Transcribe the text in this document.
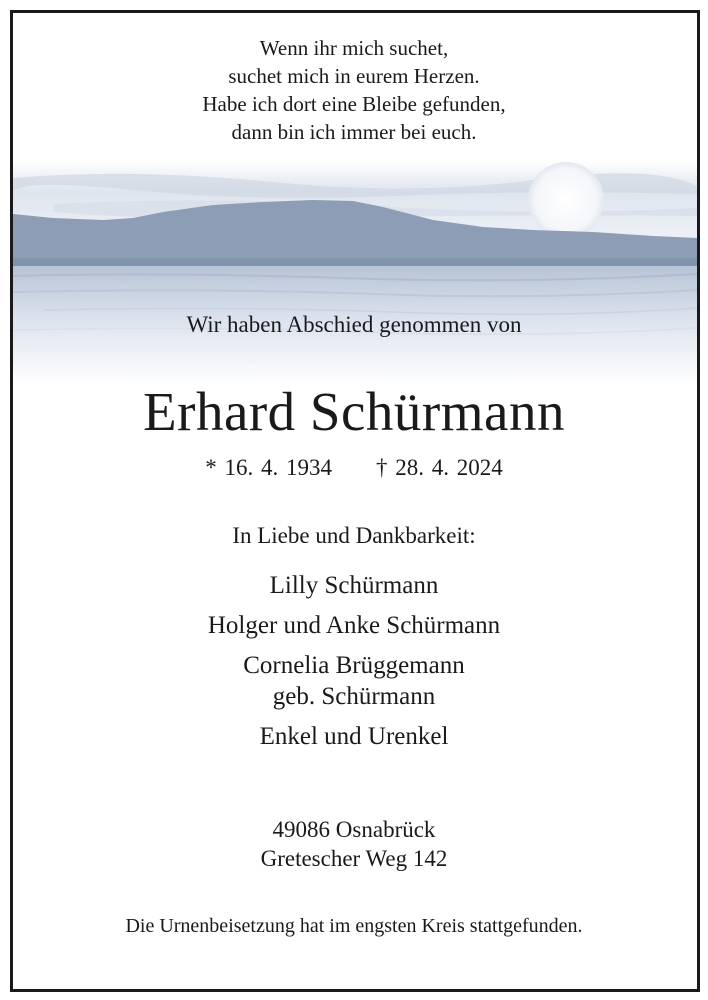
Wenn ihr mich suchet,
suchet mich in eurem Herzen.
Habe ich dort eine Bleibe gefunden,
dann bin ich immer bei euch.
Wir haben Abschied genommen von
Erhard Schürmann
* 16. 4. 1934 † 28. 4. 2024
In Liebe und Dankbarkeit:
Lilly Schürmann
Holger und Anke Schürmann
Cornelia Brüggemann
geb. Schürmann
Enkel und Urenkel
49086 Osnabrück
Gretescher Weg 142
Die Urnenbeisetzung hat im engsten Kreis stattgefunden.
